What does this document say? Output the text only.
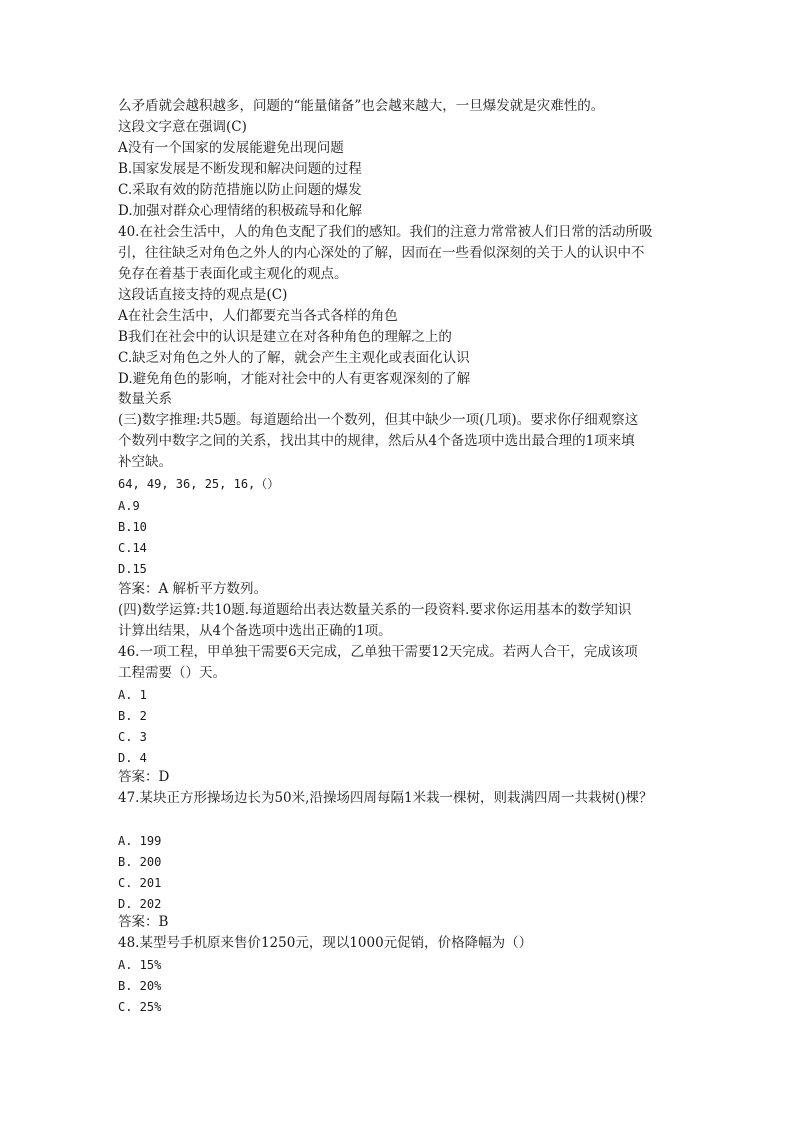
么矛盾就会越积越多，问题的“能量储备”也会越来越大，一旦爆发就是灾难性的。
这段文字意在强调(C)
A没有一个国家的发展能避免出现问题
B.国家发展是不断发现和解决问题的过程
C.采取有效的防范措施以防止问题的爆发
D.加强对群众心理情绪的积极疏导和化解
40.在社会生活中，人的角色支配了我们的感知。我们的注意力常常被人们日常的活动所吸
引，往往缺乏对角色之外人的内心深处的了解，因而在一些看似深刻的关于人的认识中不
免存在着基于表面化或主观化的观点。
这段话直接支持的观点是(C)
A在社会生活中，人们都要充当各式各样的角色
B我们在社会中的认识是建立在对各种角色的理解之上的
C.缺乏对角色之外人的了解，就会产生主观化或表面化认识
D.避免角色的影响，才能对社会中的人有更客观深刻的了解
数量关系
(三)数字推理:共5题。每道题给出一个数列，但其中缺少一项(几项)。要求你仔细观察这
个数列中数字之间的关系，找出其中的规律，然后从4个备选项中选出最合理的1项来填
补空缺。
64, 49, 36, 25, 16,（）
A.9
B.10
C.14
D.15
答案：A 解析平方数列。
(四)数学运算:共10题.每道题给出表达数量关系的一段资料.要求你运用基本的数学知识
计算出结果，从4个备选项中选出正确的1项。
46.一项工程，甲单独干需要6天完成，乙单独干需要12天完成。若两人合干，完成该项
工程需要（）天。
A. 1
B. 2
C. 3
D. 4
答案：D
47.某块正方形操场边长为50米,沿操场四周每隔1米栽一棵树，则栽满四周一共栽树()棵？
A. 199
B. 200
C. 201
D. 202
答案：B
48.某型号手机原来售价1250元，现以1000元促销，价格降幅为（）
A. 15%
B. 20%
C. 25%
